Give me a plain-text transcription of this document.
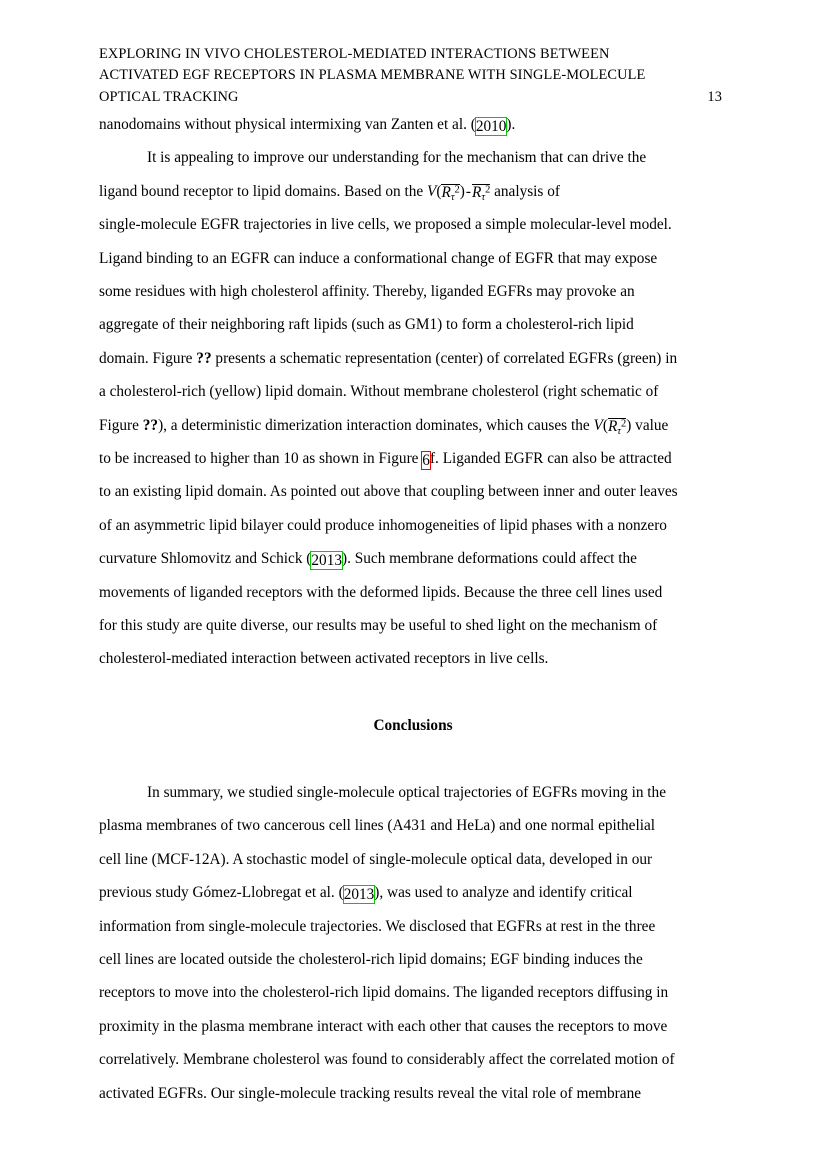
EXPLORING IN VIVO CHOLESTEROL-MEDIATED INTERACTIONS BETWEEN
ACTIVATED EGF RECEPTORS IN PLASMA MEMBRANE WITH SINGLE-MOLECULE
OPTICAL TRACKING	13
nanodomains without physical intermixing van Zanten et al. (2010).
It is appealing to improve our understanding for the mechanism that can drive the
ligand bound receptor to lipid domains. Based on the $V(R_\tau^2)-R_\tau^2$ analysis of
single-molecule EGFR trajectories in live cells, we proposed a simple molecular-level model.
Ligand binding to an EGFR can induce a conformational change of EGFR that may expose
some residues with high cholesterol affinity. Thereby, liganded EGFRs may provoke an
aggregate of their neighboring raft lipids (such as GM1) to form a cholesterol-rich lipid
domain. Figure ?? presents a schematic representation (center) of correlated EGFRs (green) in
a cholesterol-rich (yellow) lipid domain. Without membrane cholesterol (right schematic of
Figure ??), a deterministic dimerization interaction dominates, which causes the $V(R_\tau^2)$ value
to be increased to higher than 10 as shown in Figure 6f. Liganded EGFR can also be attracted
to an existing lipid domain. As pointed out above that coupling between inner and outer leaves
of an asymmetric lipid bilayer could produce inhomogeneities of lipid phases with a nonzero
curvature Shlomovitz and Schick (2013). Such membrane deformations could affect the
movements of liganded receptors with the deformed lipids. Because the three cell lines used
for this study are quite diverse, our results may be useful to shed light on the mechanism of
cholesterol-mediated interaction between activated receptors in live cells.
Conclusions
In summary, we studied single-molecule optical trajectories of EGFRs moving in the
plasma membranes of two cancerous cell lines (A431 and HeLa) and one normal epithelial
cell line (MCF-12A). A stochastic model of single-molecule optical data, developed in our
previous study Gómez-Llobregat et al. (2013), was used to analyze and identify critical
information from single-molecule trajectories. We disclosed that EGFRs at rest in the three
cell lines are located outside the cholesterol-rich lipid domains; EGF binding induces the
receptors to move into the cholesterol-rich lipid domains. The liganded receptors diffusing in
proximity in the plasma membrane interact with each other that causes the receptors to move
correlatively. Membrane cholesterol was found to considerably affect the correlated motion of
activated EGFRs. Our single-molecule tracking results reveal the vital role of membrane
